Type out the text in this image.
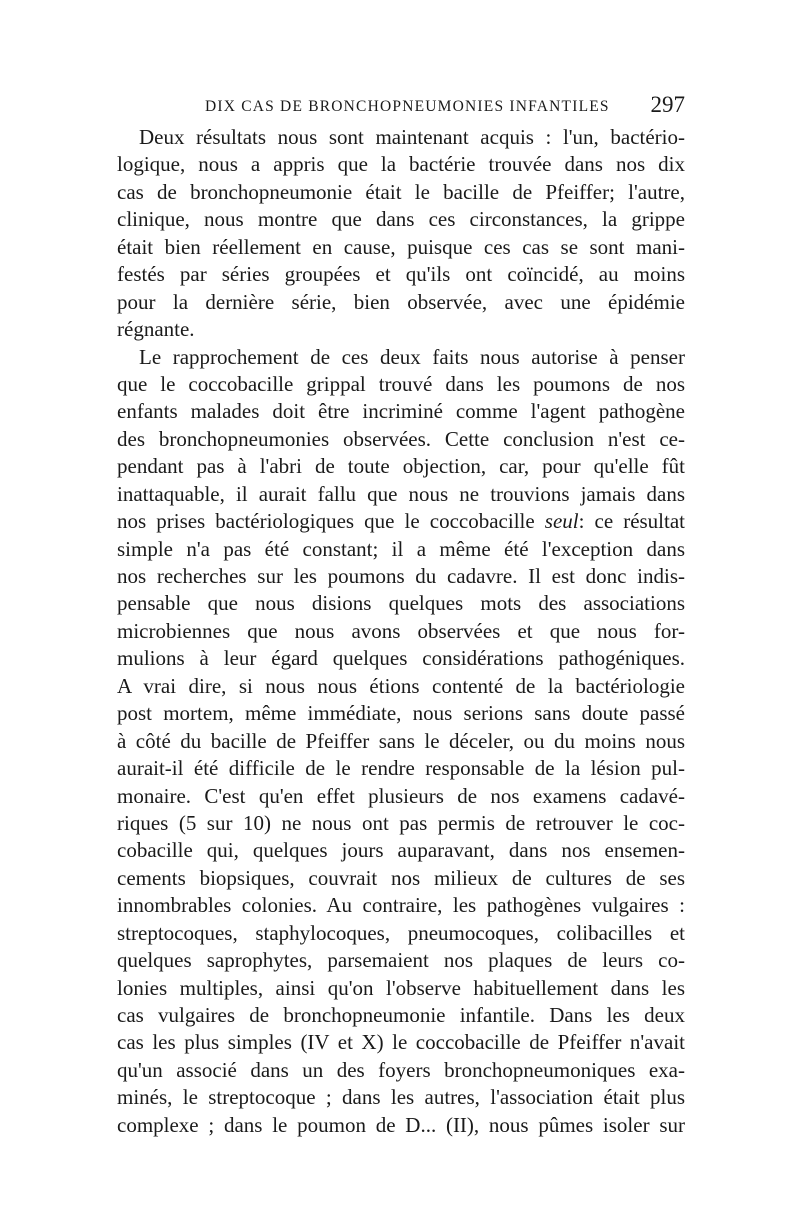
DIX CAS DE BRONCHOPNEUMONIES INFANTILES 297
Deux résultats nous sont maintenant acquis : l'un, bactério-
logique, nous a appris que la bactérie trouvée dans nos dix
cas de bronchopneumonie était le bacille de Pfeiffer; l'autre,
clinique, nous montre que dans ces circonstances, la grippe
était bien réellement en cause, puisque ces cas se sont mani-
festés par séries groupées et qu'ils ont coïncidé, au moins
pour la dernière série, bien observée, avec une épidémie
régnante.
Le rapprochement de ces deux faits nous autorise à penser
que le coccobacille grippal trouvé dans les poumons de nos
enfants malades doit être incriminé comme l'agent pathogène
des bronchopneumonies observées. Cette conclusion n'est ce-
pendant pas à l'abri de toute objection, car, pour qu'elle fût
inattaquable, il aurait fallu que nous ne trouvions jamais dans
nos prises bactériologiques que le coccobacille seul: ce résultat
simple n'a pas été constant; il a même été l'exception dans
nos recherches sur les poumons du cadavre. Il est donc indis-
pensable que nous disions quelques mots des associations
microbiennes que nous avons observées et que nous for-
mulions à leur égard quelques considérations pathogéniques.
A vrai dire, si nous nous étions contenté de la bactériologie
post mortem, même immédiate, nous serions sans doute passé
à côté du bacille de Pfeiffer sans le déceler, ou du moins nous
aurait-il été difficile de le rendre responsable de la lésion pul-
monaire. C'est qu'en effet plusieurs de nos examens cadavé-
riques (5 sur 10) ne nous ont pas permis de retrouver le coc-
cobacille qui, quelques jours auparavant, dans nos ensemen-
cements biopsiques, couvrait nos milieux de cultures de ses
innombrables colonies. Au contraire, les pathogènes vulgaires :
streptocoques, staphylocoques, pneumocoques, colibacilles et
quelques saprophytes, parsemaient nos plaques de leurs co-
lonies multiples, ainsi qu'on l'observe habituellement dans les
cas vulgaires de bronchopneumonie infantile. Dans les deux
cas les plus simples (IV et X) le coccobacille de Pfeiffer n'avait
qu'un associé dans un des foyers bronchopneumoniques exa-
minés, le streptocoque ; dans les autres, l'association était plus
complexe ; dans le poumon de D... (II), nous pûmes isoler sur
